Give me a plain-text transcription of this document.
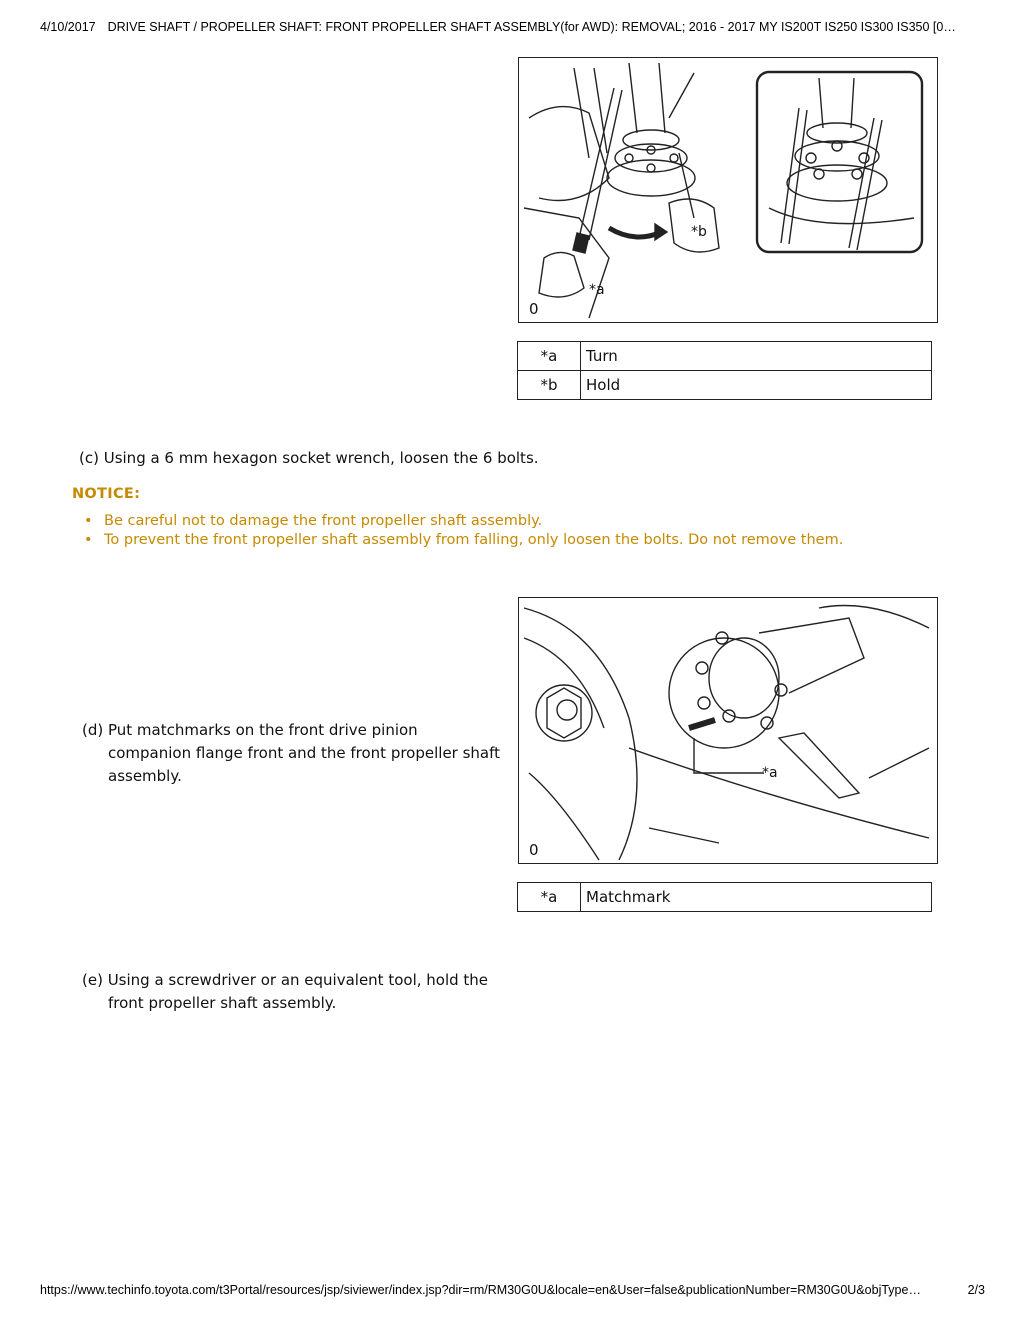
4/10/2017 DRIVE SHAFT / PROPELLER SHAFT: FRONT PROPELLER SHAFT ASSEMBLY(for AWD): REMOVAL; 2016 - 2017 MY IS200T IS250 IS300 IS350 [0…
*b
*a
0
*a	Turn
*b	Hold
(c) Using a 6 mm hexagon socket wrench, loosen the 6 bolts.
NOTICE:
• Be careful not to damage the front propeller shaft assembly.
• To prevent the front propeller shaft assembly from falling, only loosen the bolts. Do not remove them.
*a
0
(d) Put matchmarks on the front drive pinion
companion flange front and the front propeller shaft
assembly.
*a	Matchmark
(e) Using a screwdriver or an equivalent tool, hold the
front propeller shaft assembly.
https://www.techinfo.toyota.com/t3Portal/resources/jsp/siviewer/index.jsp?dir=rm/RM30G0U&locale=en&User=false&publicationNumber=RM30G0U&objType…	2/3
